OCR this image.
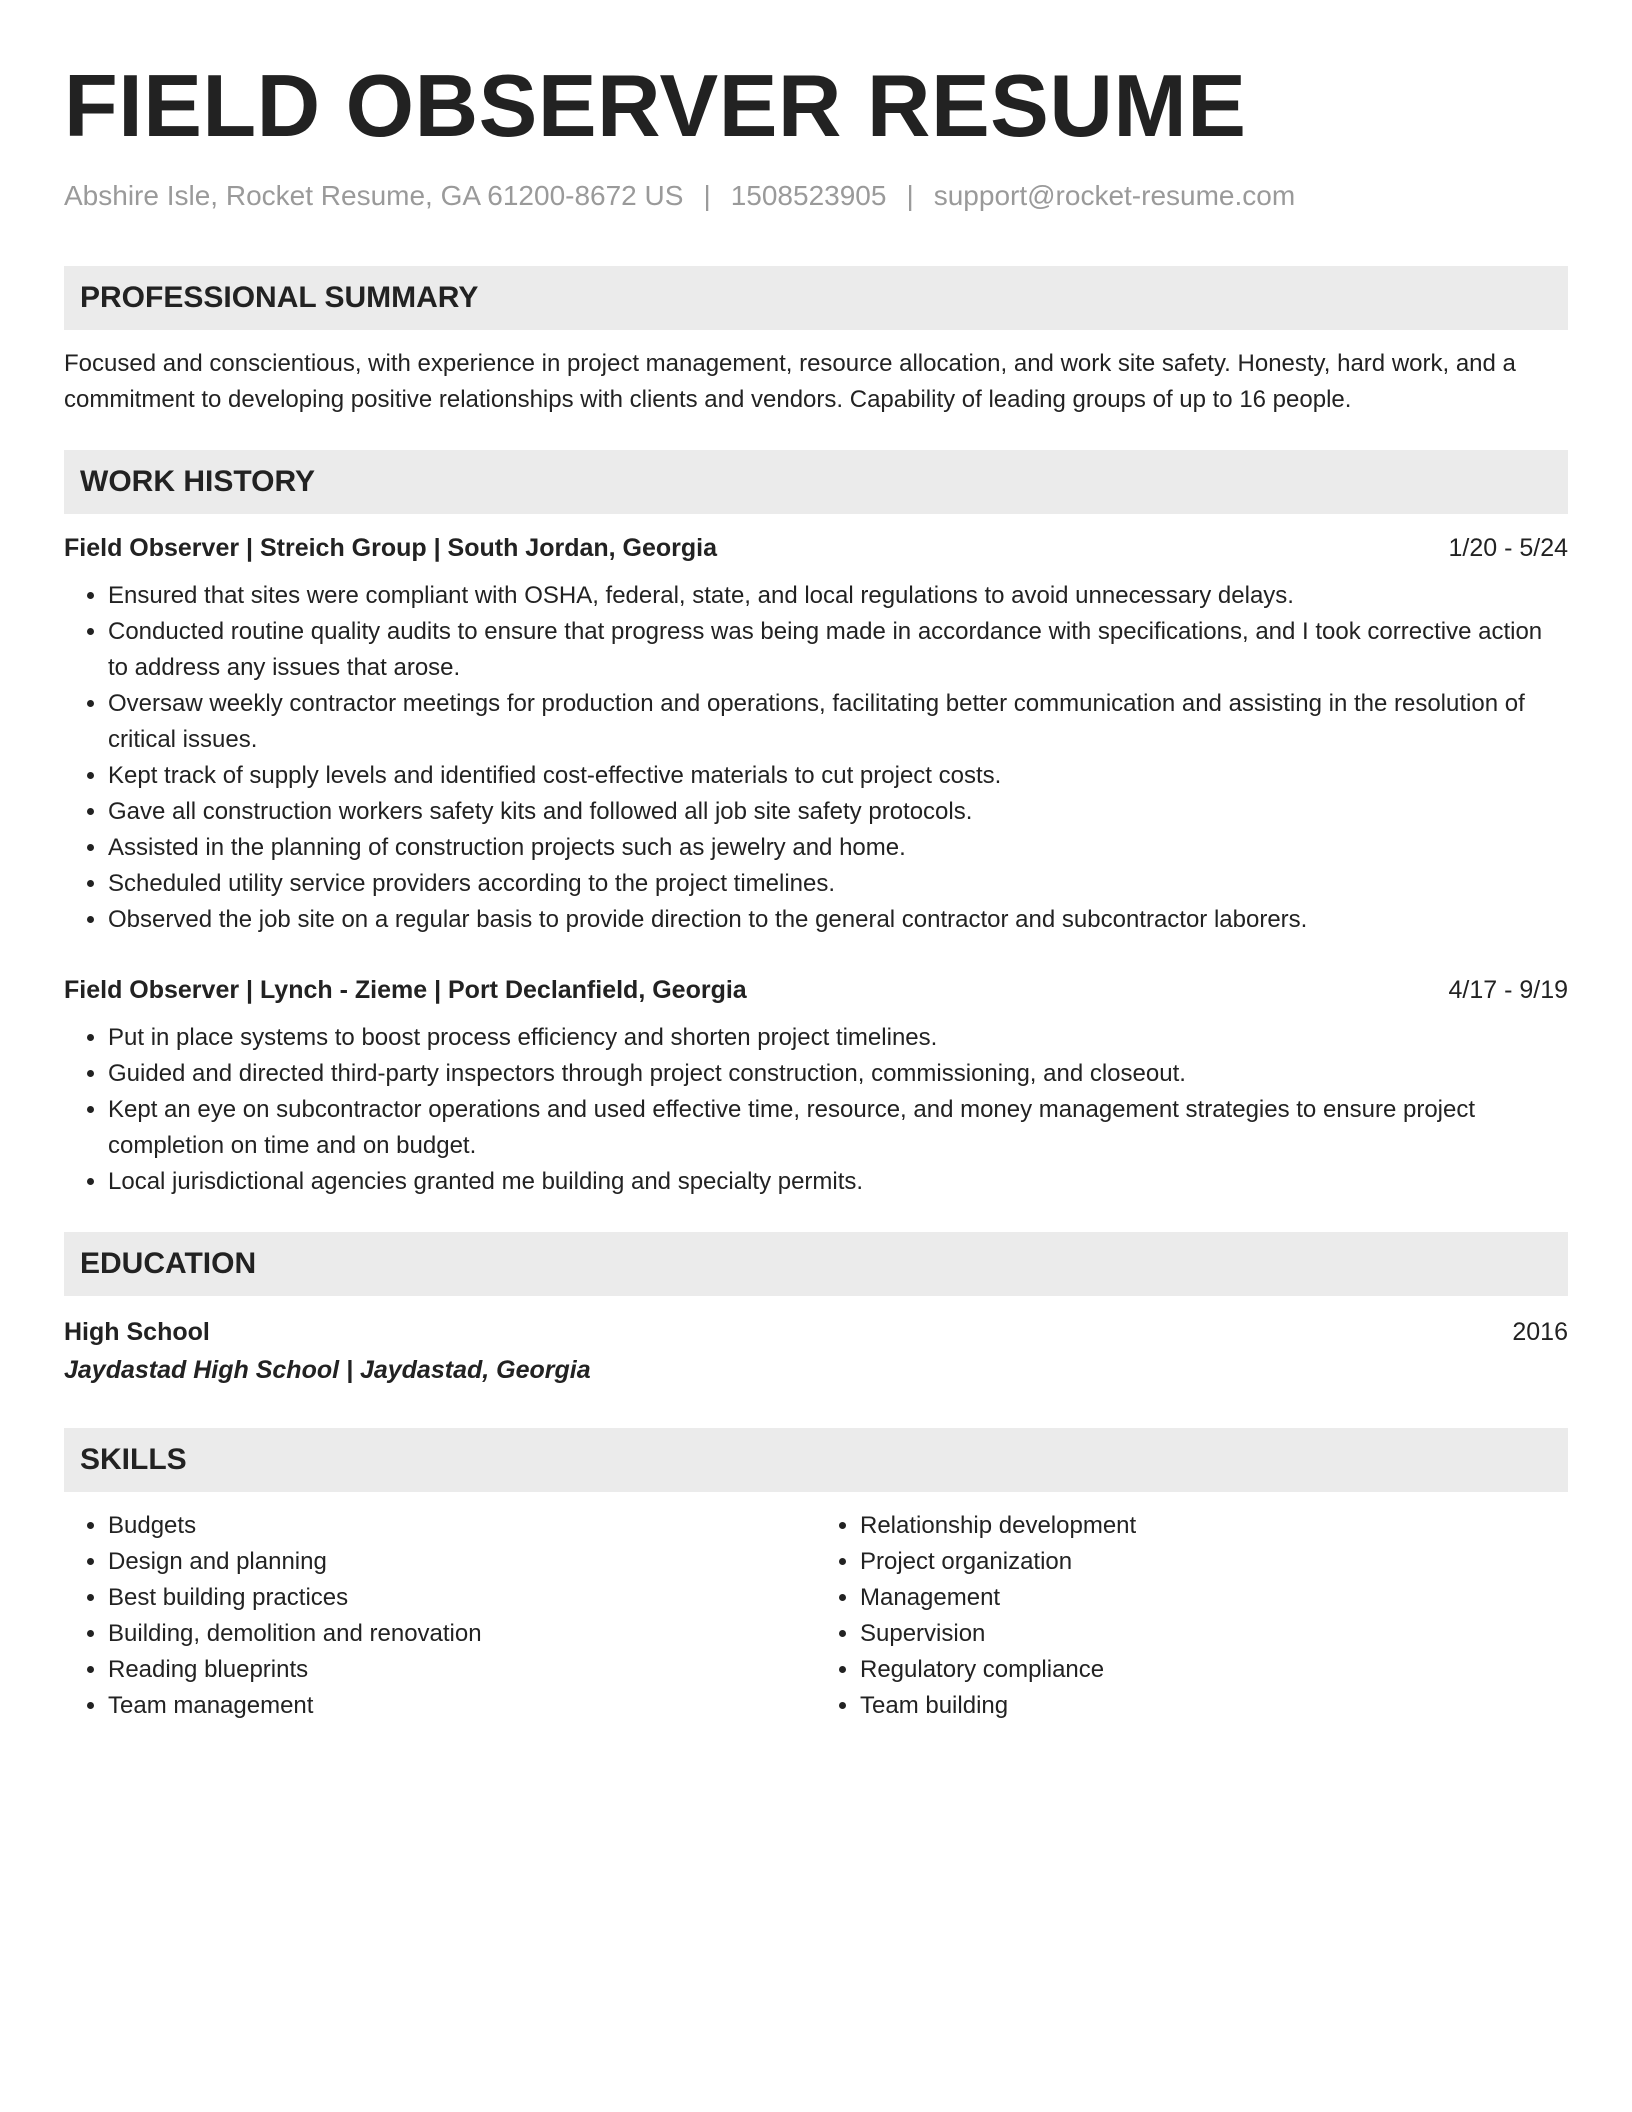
FIELD OBSERVER RESUME
Abshire Isle, Rocket Resume, GA 61200-8672 US | 1508523905 | support@rocket-resume.com
PROFESSIONAL SUMMARY
Focused and conscientious, with experience in project management, resource allocation, and work site safety. Honesty, hard work, and a commitment to developing positive relationships with clients and vendors. Capability of leading groups of up to 16 people.
WORK HISTORY
Field Observer | Streich Group | South Jordan, Georgia	1/20 - 5/24
• Ensured that sites were compliant with OSHA, federal, state, and local regulations to avoid unnecessary delays.
• Conducted routine quality audits to ensure that progress was being made in accordance with specifications, and I took corrective action to address any issues that arose.
• Oversaw weekly contractor meetings for production and operations, facilitating better communication and assisting in the resolution of critical issues.
• Kept track of supply levels and identified cost-effective materials to cut project costs.
• Gave all construction workers safety kits and followed all job site safety protocols.
• Assisted in the planning of construction projects such as jewelry and home.
• Scheduled utility service providers according to the project timelines.
• Observed the job site on a regular basis to provide direction to the general contractor and subcontractor laborers.
Field Observer | Lynch - Zieme | Port Declanfield, Georgia	4/17 - 9/19
• Put in place systems to boost process efficiency and shorten project timelines.
• Guided and directed third-party inspectors through project construction, commissioning, and closeout.
• Kept an eye on subcontractor operations and used effective time, resource, and money management strategies to ensure project completion on time and on budget.
• Local jurisdictional agencies granted me building and specialty permits.
EDUCATION
High School	2016
Jaydastad High School | Jaydastad, Georgia
SKILLS
• Budgets
• Design and planning
• Best building practices
• Building, demolition and renovation
• Reading blueprints
• Team management
• Relationship development
• Project organization
• Management
• Supervision
• Regulatory compliance
• Team building
